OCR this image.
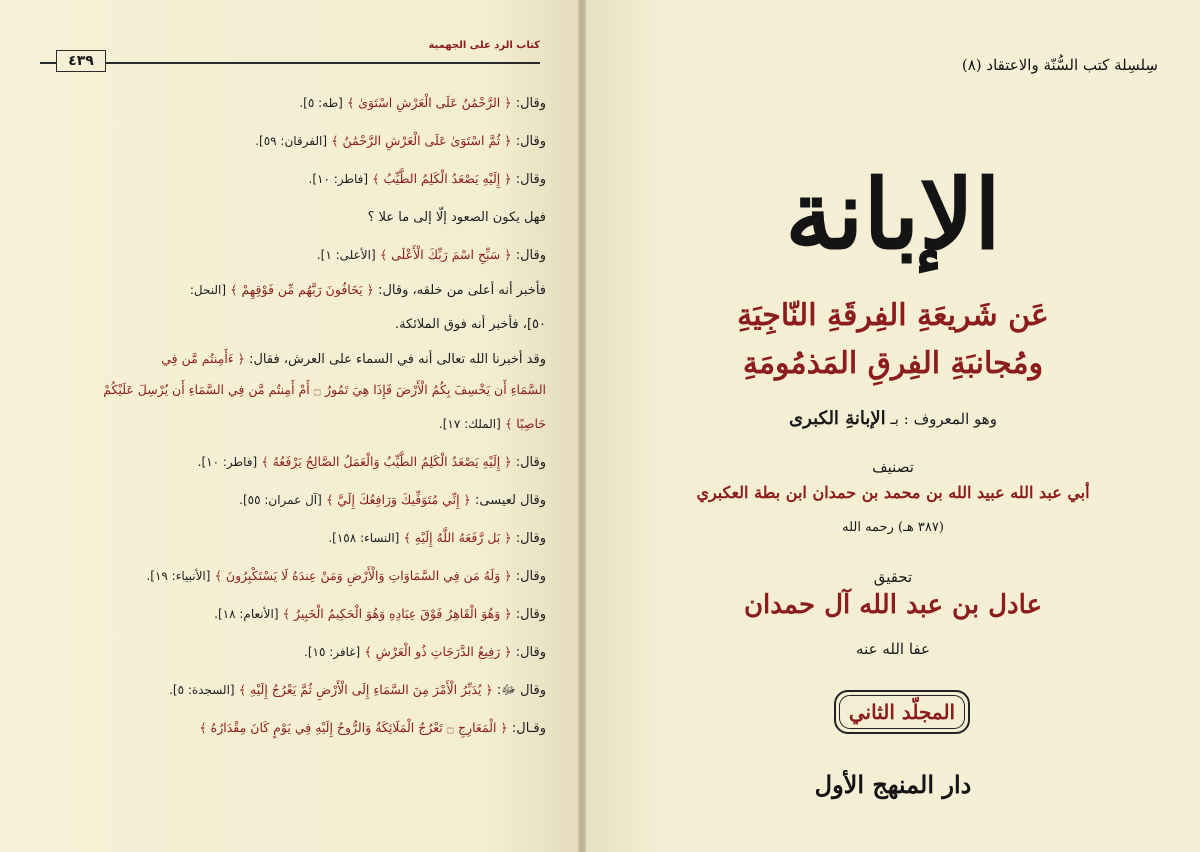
كتاب الرد على الجهمية
٤٣٩
وقال: ﴿ الرَّحْمَٰنُ عَلَى الْعَرْشِ اسْتَوَىٰ ﴾ [طه: ٥].
وقال: ﴿ ثُمَّ اسْتَوَىٰ عَلَى الْعَرْشِ الرَّحْمَٰنُ ﴾ [الفرقان: ٥٩].
وقال: ﴿ إِلَيْهِ يَصْعَدُ الْكَلِمُ الطَّيِّبُ ﴾ [فاطر: ١٠].
فهل يكون الصعود إلّا إلى ما علا ؟
وقال: ﴿ سَبِّحِ اسْمَ رَبِّكَ الْأَعْلَى ﴾ [الأعلى: ١].
فأخبر أنه أعلى من خلقه، وقال: ﴿ يَخَافُونَ رَبَّهُم مِّن فَوْقِهِمْ ﴾ [النحل:
٥٠]، فأخبر أنه فوق الملائكة.
وقد أخبرنا الله تعالى أنه في السماء على العرش، فقال: ﴿ ءَأَمِنتُم مَّن فِي
السَّمَاءِ أَن يَخْسِفَ بِكُمُ الْأَرْضَ فَإِذَا هِيَ تَمُورُ ۝ أَمْ أَمِنتُم مَّن فِي السَّمَاءِ أَن يُرْسِلَ عَلَيْكُمْ
حَاصِبًا ﴾ [الملك: ١٧].
وقال: ﴿ إِلَيْهِ يَصْعَدُ الْكَلِمُ الطَّيِّبُ وَالْعَمَلُ الصَّالِحُ يَرْفَعُهُ ﴾ [فاطر: ١٠].
وقال لعيسى: ﴿ إِنِّي مُتَوَفِّيكَ وَرَافِعُكَ إِلَيَّ ﴾ [آل عمران: ٥٥].
وقال: ﴿ بَل رَّفَعَهُ اللَّهُ إِلَيْهِ ﴾ [النساء: ١٥٨].
وقال: ﴿ وَلَهُ مَن فِي السَّمَاوَاتِ وَالْأَرْضِ وَمَنْ عِندَهُ لَا يَسْتَكْبِرُونَ ﴾ [الأنبياء: ١٩].
وقال: ﴿ وَهُوَ الْقَاهِرُ فَوْقَ عِبَادِهِ وَهُوَ الْحَكِيمُ الْخَبِيرُ ﴾ [الأنعام: ١٨].
وقال: ﴿ رَفِيعُ الدَّرَجَاتِ ذُو الْعَرْشِ ﴾ [غافر: ١٥].
وقال ﷻ: ﴿ يُدَبِّرُ الْأَمْرَ مِنَ السَّمَاءِ إِلَى الْأَرْضِ ثُمَّ يَعْرُجُ إِلَيْهِ ﴾ [السجدة: ٥].
وقـال: ﴿ الْمَعَارِجِ ۝ تَعْرُجُ الْمَلَائِكَةُ وَالرُّوحُ إِلَيْهِ فِي يَوْمٍ كَانَ مِقْدَارُهُ ﴾
سِلسِلة كتب السُّنّة والاعتقاد (٨)
الإبانة
عَن شَريعَةِ الفِرقَةِ النّاجِيَةِ
ومُجانبَةِ الفِرقِ المَذمُومَةِ
وهو المعروف : بـ الإبانةِ الكبرى
تصنيف
أبي عبد الله عبيد الله بن محمد بن حمدان ابن بطة العكبري
(٣٨٧ هـ) رحمه الله
تحقيق
عادل بن عبد الله آل حمدان
عفا الله عنه
المجلّد الثاني
دار المنهج الأول
